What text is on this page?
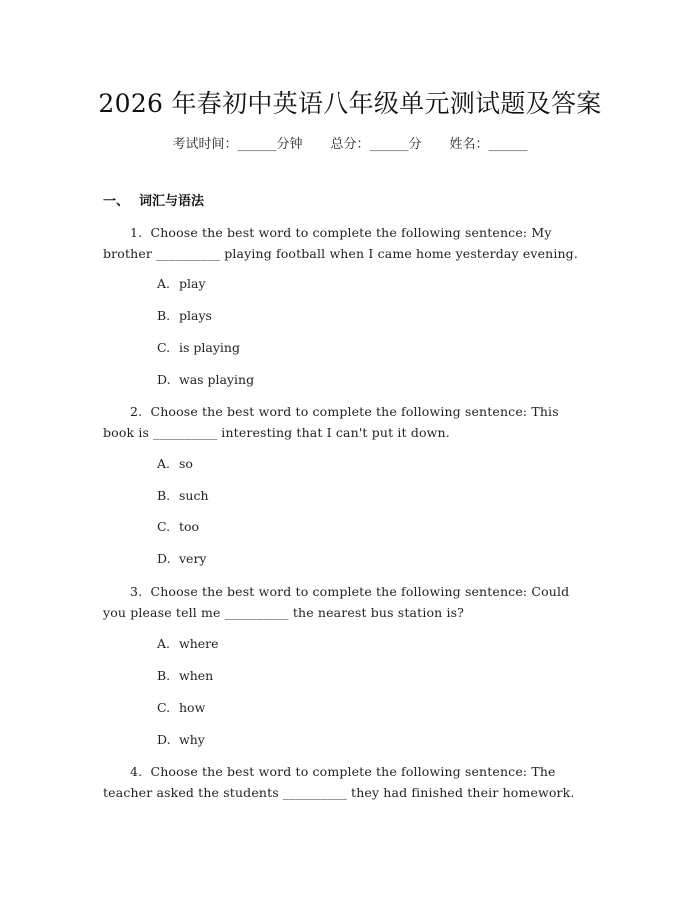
2026 年春初中英语八年级单元测试题及答案
考试时间：______分钟 总分：______分 姓名：______
一、 词汇与语法
1. Choose the best word to complete the following sentence: My
brother __________ playing football when I came home yesterday evening.
A. play
B. plays
C. is playing
D. was playing
2. Choose the best word to complete the following sentence: This
book is __________ interesting that I can't put it down.
A. so
B. such
C. too
D. very
3. Choose the best word to complete the following sentence: Could
you please tell me __________ the nearest bus station is?
A. where
B. when
C. how
D. why
4. Choose the best word to complete the following sentence: The
teacher asked the students __________ they had finished their homework.
